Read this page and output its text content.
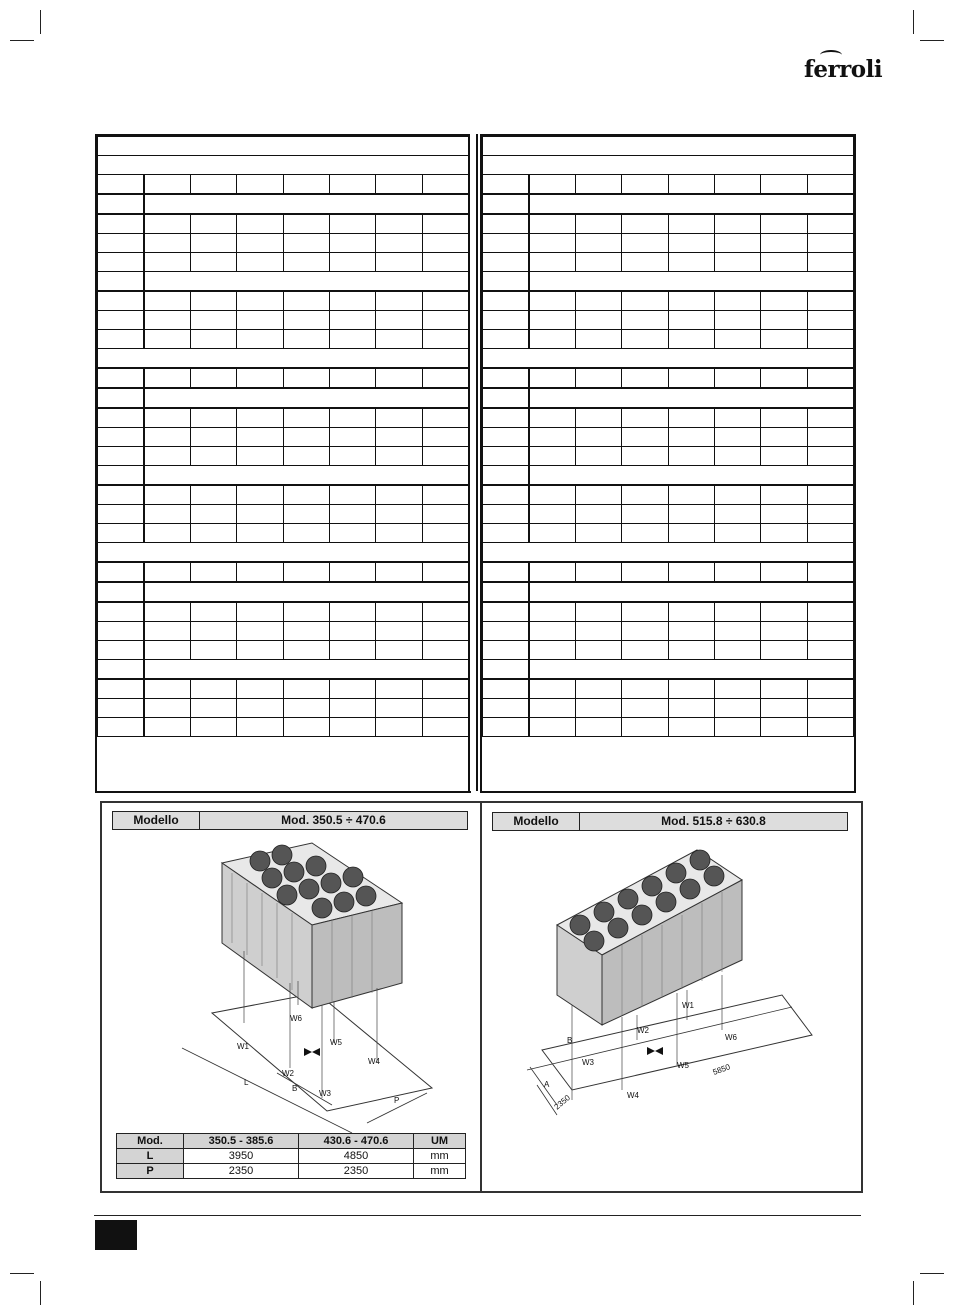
ferroli

Modello	Mod. 350.5 ÷ 470.6
W1
W2
W3
W4
W5
W6
L
B
P
Mod.	350.5 - 385.6	430.6 - 470.6	UM
L	3950	4850	mm
P	2350	2350	mm
Modello	Mod. 515.8 ÷ 630.8
W1
W2
W3
W4
W5
W6
B
A
5850
2350
